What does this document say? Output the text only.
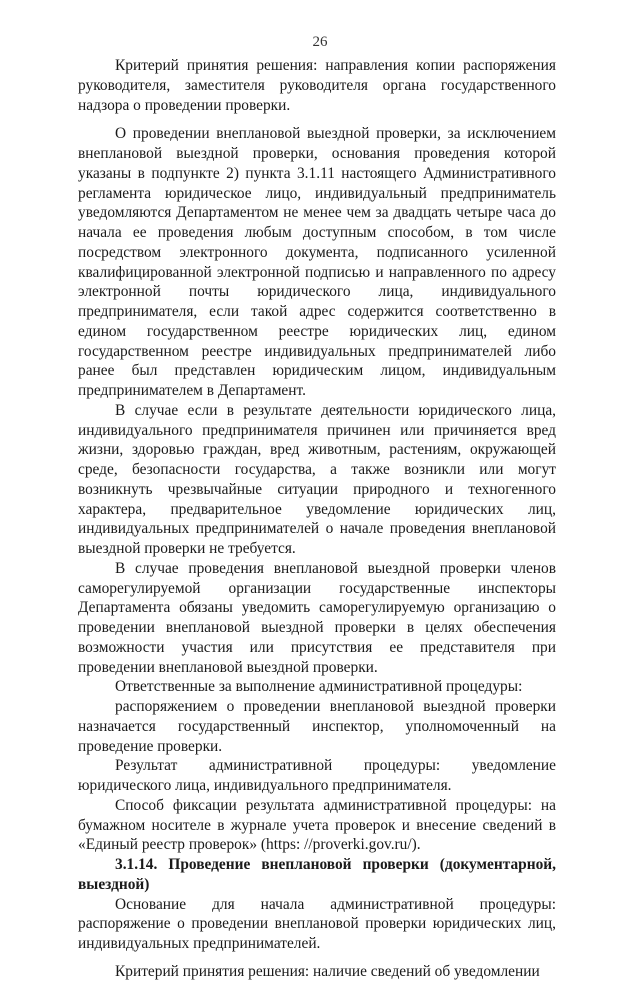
26

Критерий принятия решения: направления копии распоряжения руководителя, заместителя руководителя органа государственного надзора о проведении проверки.

О проведении внеплановой выездной проверки, за исключением внеплановой выездной проверки, основания проведения которой указаны в подпункте 2) пункта 3.1.11 настоящего Административного регламента юридическое лицо, индивидуальный предприниматель уведомляются Департаментом не менее чем за двадцать четыре часа до начала ее проведения любым доступным способом, в том числе посредством электронного документа, подписанного усиленной квалифицированной электронной подписью и направленного по адресу электронной почты юридического лица, индивидуального предпринимателя, если такой адрес содержится соответственно в едином государственном реестре юридических лиц, едином государственном реестре индивидуальных предпринимателей либо ранее был представлен юридическим лицом, индивидуальным предпринимателем в Департамент.

В случае если в результате деятельности юридического лица, индивидуального предпринимателя причинен или причиняется вред жизни, здоровью граждан, вред животным, растениям, окружающей среде, безопасности государства, а также возникли или могут возникнуть чрезвычайные ситуации природного и техногенного характера, предварительное уведомление юридических лиц, индивидуальных предпринимателей о начале проведения внеплановой выездной проверки не требуется.

В случае проведения внеплановой выездной проверки членов саморегулируемой организации государственные инспекторы Департамента обязаны уведомить саморегулируемую организацию о проведении внеплановой выездной проверки в целях обеспечения возможности участия или присутствия ее представителя при проведении внеплановой выездной проверки.

Ответственные за выполнение административной процедуры:

распоряжением о проведении внеплановой выездной проверки назначается государственный инспектор, уполномоченный на проведение проверки.

Результат административной процедуры: уведомление юридического лица, индивидуального предпринимателя.

Способ фиксации результата административной процедуры: на бумажном носителе в журнале учета проверок и внесение сведений в «Единый реестр проверок» (https: //proverki.gov.ru/).

3.1.14. Проведение внеплановой проверки (документарной, выездной)

Основание для начала административной процедуры: распоряжение о проведении внеплановой проверки юридических лиц, индивидуальных предпринимателей.

Критерий принятия решения: наличие сведений об уведомлении
